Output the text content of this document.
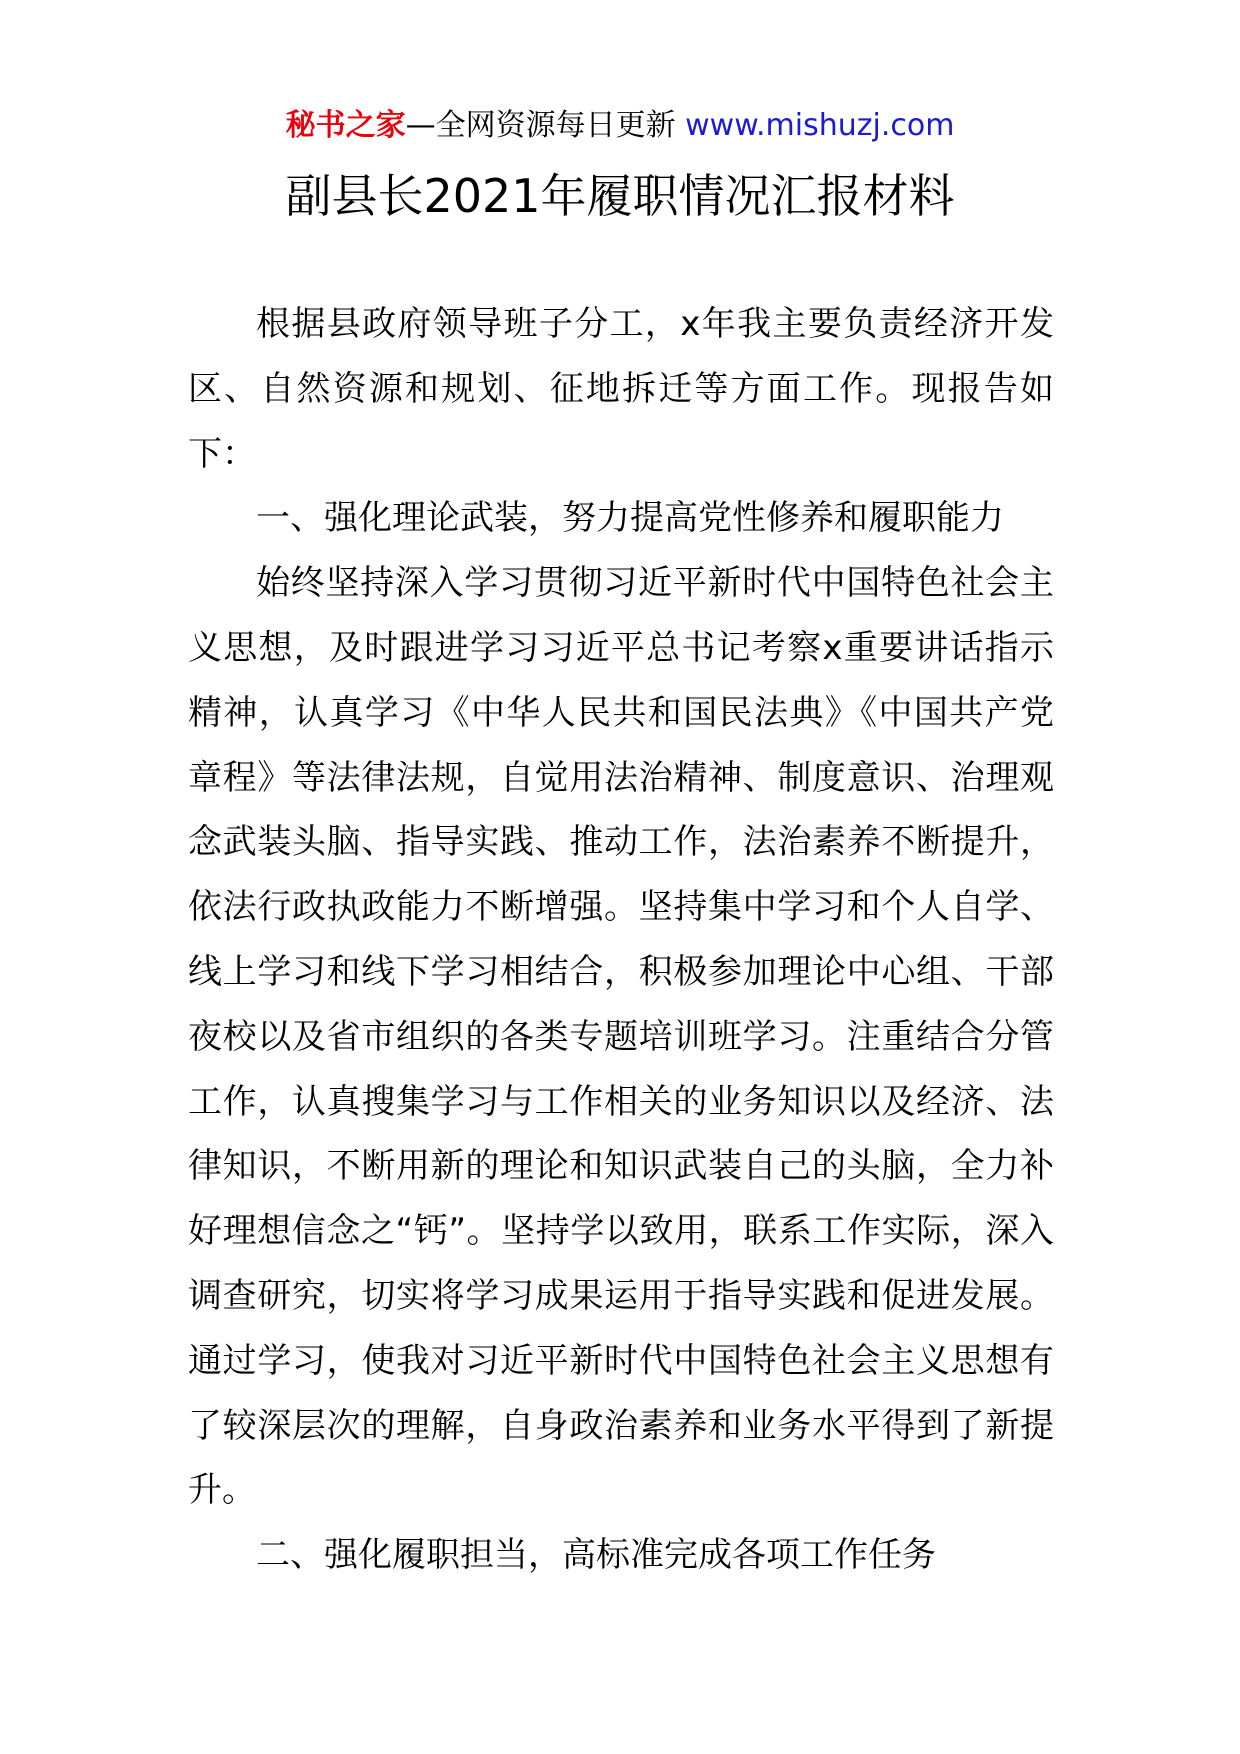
秘书之家—全网资源每日更新 www.mishuzj.com
副县长2021年履职情况汇报材料

根据县政府领导班子分工，x年我主要负责经济开发区、自然资源和规划、征地拆迁等方面工作。现报告如下：

一、强化理论武装，努力提高党性修养和履职能力

始终坚持深入学习贯彻习近平新时代中国特色社会主义思想，及时跟进学习习近平总书记考察x重要讲话指示精神，认真学习《中华人民共和国民法典》《中国共产党章程》等法律法规，自觉用法治精神、制度意识、治理观念武装头脑、指导实践、推动工作，法治素养不断提升，依法行政执政能力不断增强。坚持集中学习和个人自学、线上学习和线下学习相结合，积极参加理论中心组、干部夜校以及省市组织的各类专题培训班学习。注重结合分管工作，认真搜集学习与工作相关的业务知识以及经济、法律知识，不断用新的理论和知识武装自己的头脑，全力补好理想信念之“钙”。坚持学以致用，联系工作实际，深入调查研究，切实将学习成果运用于指导实践和促进发展。通过学习，使我对习近平新时代中国特色社会主义思想有了较深层次的理解，自身政治素养和业务水平得到了新提升。

二、强化履职担当，高标准完成各项工作任务
